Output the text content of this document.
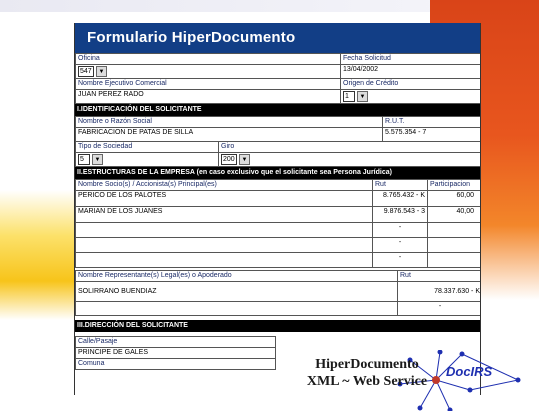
Formulario HiperDocumento
Oficina	Fecha Solicitud

547 ▼	13/04/2002
Nombre Ejecutivo Comercial	Origen de Crédito
JUAN PEREZ RADO	1 ▼
I.IDENTIFICACIÓN DEL SOLICITANTE
Nombre o Razón Social		R.U.T.
FABRICACION DE PATAS DE SILLA		5.575.354 - 7
Tipo de Sociedad	Giro	

5 ▼	200 ▼	
II.ESTRUCTURAS DE LA EMPRESA (en caso exclusivo que el solicitante sea Persona Jurídica)
Nombre Socio(s) / Accionista(s) Principal(es)	Rut	Participacion
PERICO DE LOS PALOTES	8.765.432 - K	60,00
MARIAN DE LOS JUANES	9.876.543 - 3	40,00
	-	
	-	
	-	
Nombre Representante(s) Legal(es) o Apoderado	Rut
SOLIRRANO BUENDIAZ	78.337.630 - K
	-
III.DIRECCIÓN DEL SOLICITANTE
Calle/Pasaje	
PRINCIPE DE GALES	
Comuna		HiperDocumento
XML ~ Web Service
DocIRS
